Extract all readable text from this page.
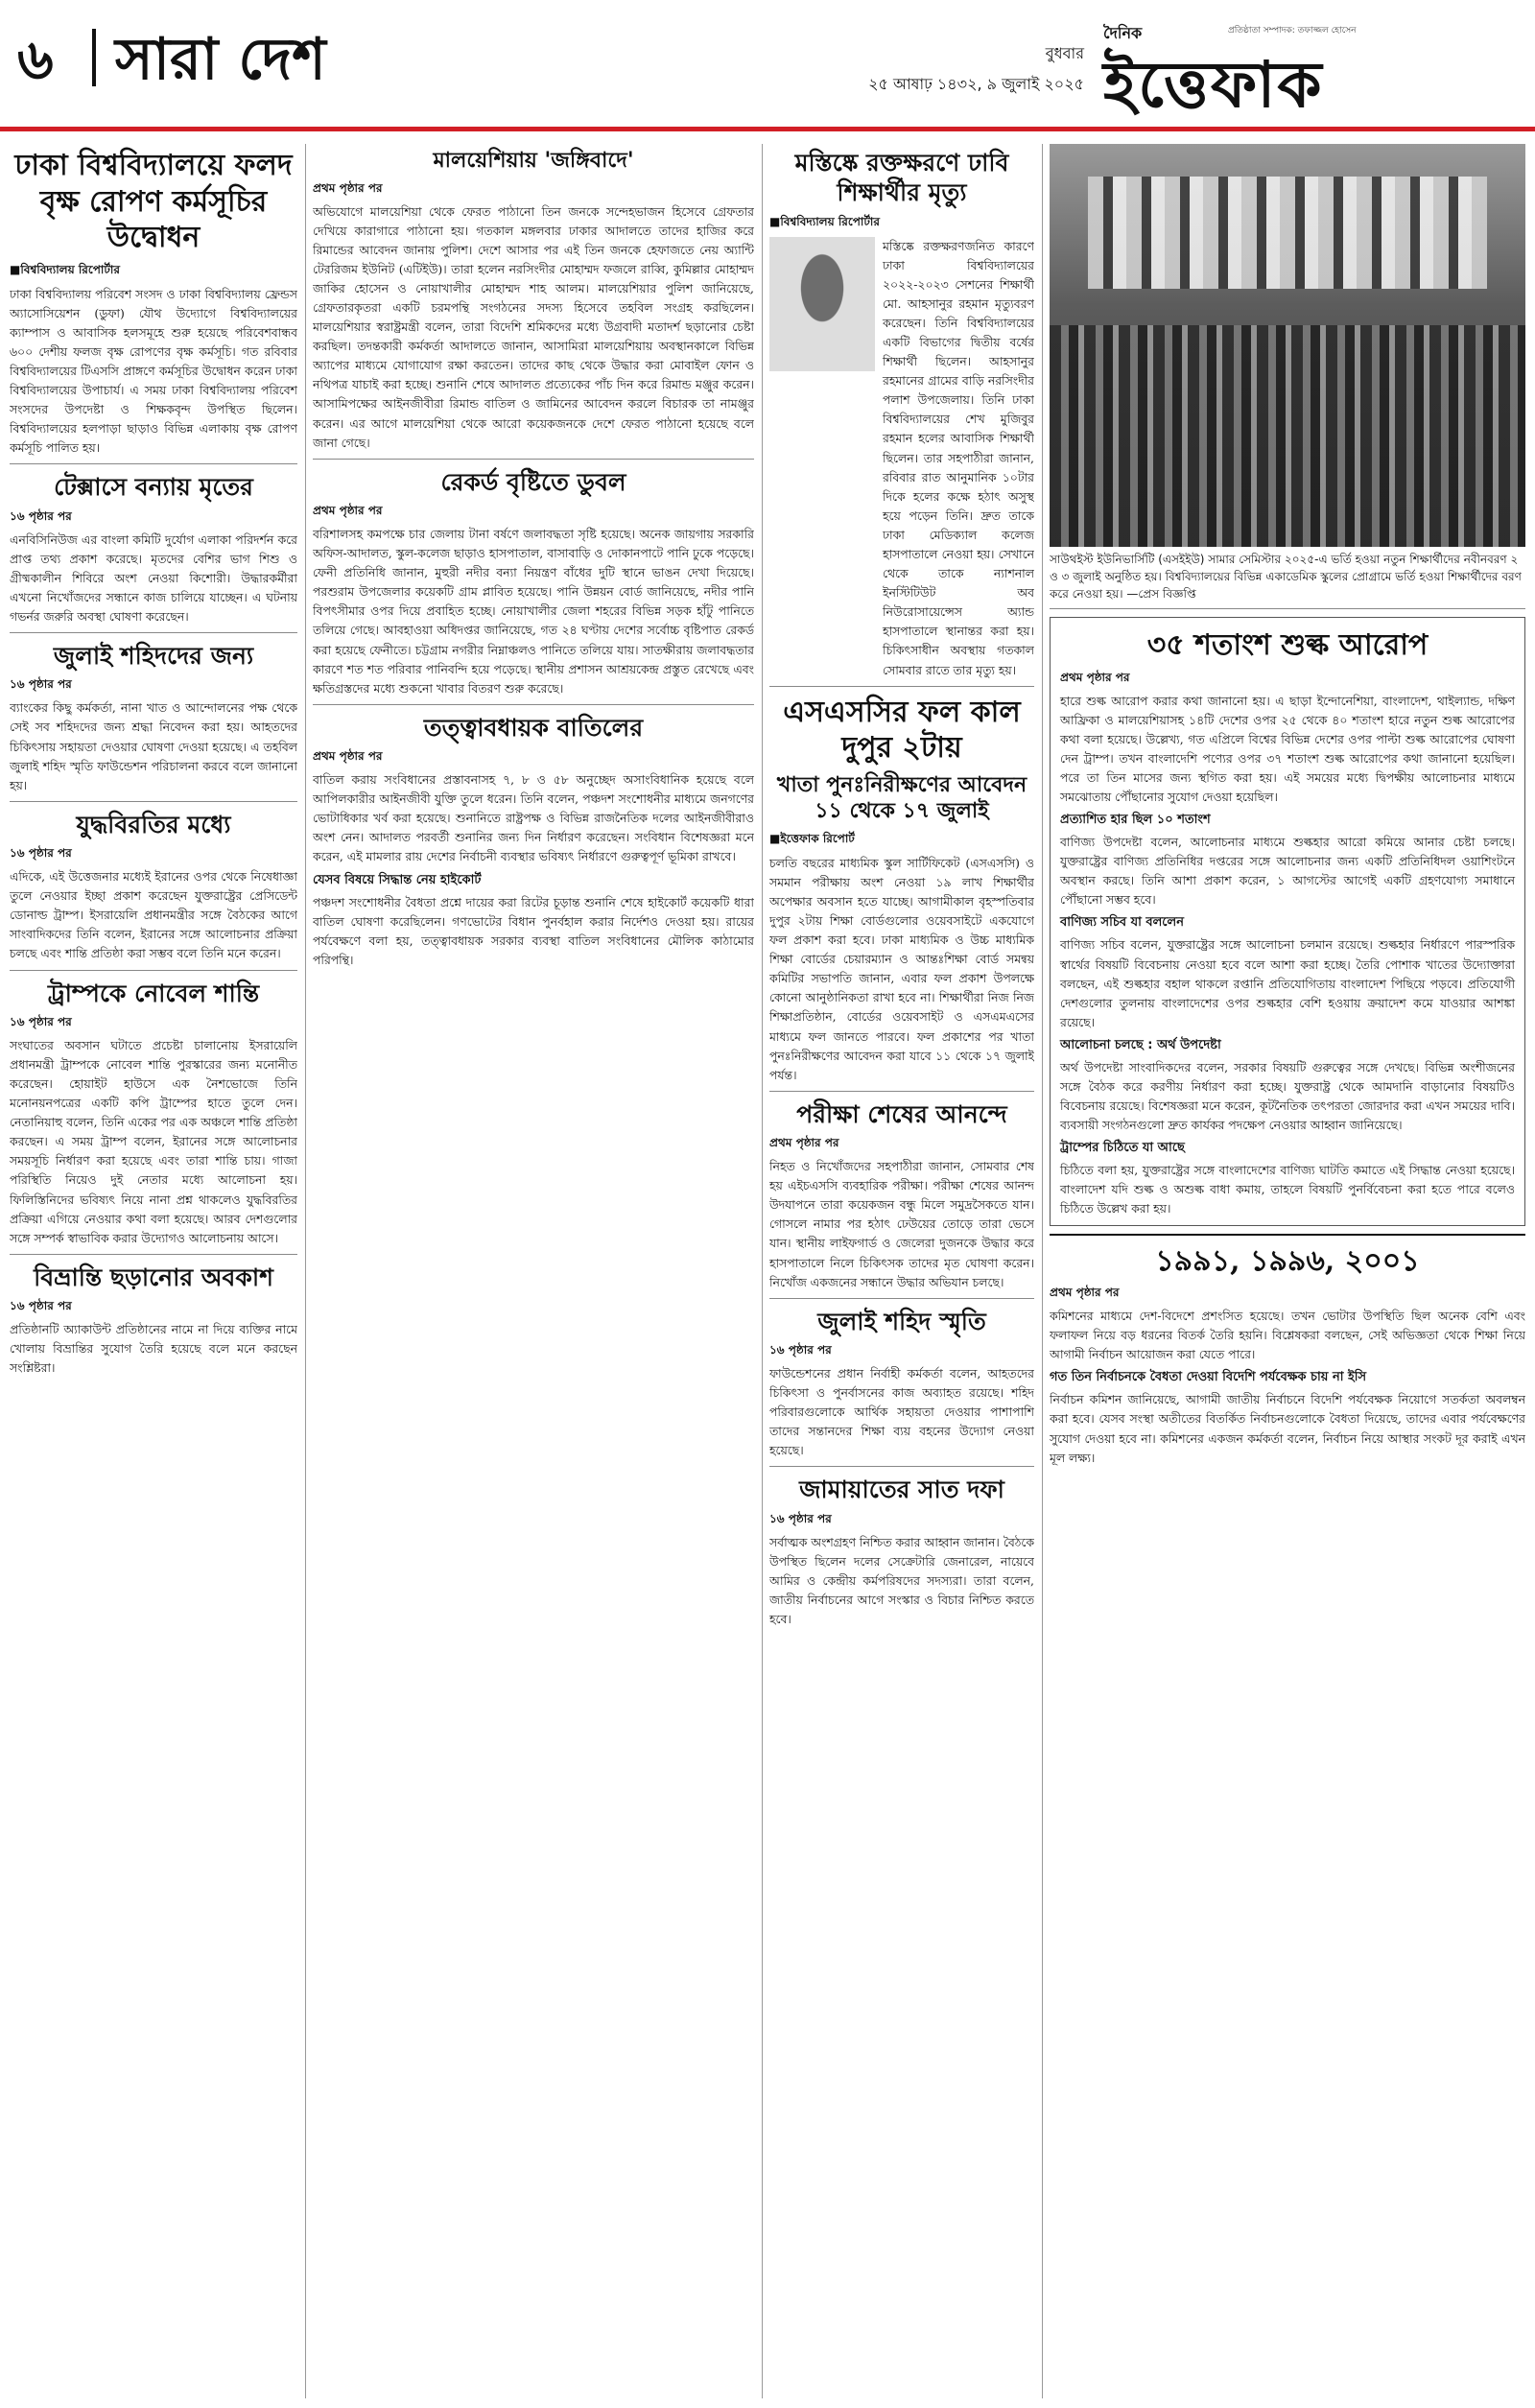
৬ সারা দেশ	বুধবার
২৫ আষাঢ় ১৪৩২, ৯ জুলাই ২০২৫
দৈনিক	প্রতিষ্ঠাতা সম্পাদক: তফাজ্জল হোসেন
ইত্তেফাক
ঢাকা বিশ্ববিদ্যালয়ে ফলদ বৃক্ষ রোপণ কর্মসূচির উদ্বোধন
■ বিশ্ববিদ্যালয় রিপোর্টার
ঢাকা বিশ্ববিদ্যালয় পরিবেশ সংসদ ও ঢাকা বিশ্ববিদ্যালয় ফ্রেন্ডস অ্যাসোসিয়েশন (ডুফা) যৌথ উদ্যোগে বিশ্ববিদ্যালয়ের ক্যাম্পাস ও আবাসিক হলসমূহে শুরু হয়েছে পরিবেশবান্ধব ৬০০ দেশীয় ফলজ বৃক্ষ রোপণের বৃক্ষ কর্মসূচি। গত রবিবার বিশ্ববিদ্যালয়ের টিএসসি প্রাঙ্গণে কর্মসূচির উদ্বোধন করেন ঢাকা বিশ্ববিদ্যালয়ের উপাচার্য। এ সময় ঢাকা বিশ্ববিদ্যালয় পরিবেশ সংসদের উপদেষ্টা ও শিক্ষকবৃন্দ উপস্থিত ছিলেন। বিশ্ববিদ্যালয়ের হলপাড়া ছাড়াও বিভিন্ন এলাকায় বৃক্ষ রোপণ কর্মসূচি পালিত হয়।
টেক্সাসে বন্যায় মৃতের
১৬ পৃষ্ঠার পর
এনবিসিনিউজ এর বাংলা কমিটি দুর্যোগ এলাকা পরিদর্শন করে প্রাপ্ত তথ্য প্রকাশ করেছে। মৃতদের বেশির ভাগ শিশু ও গ্রীষ্মকালীন শিবিরে অংশ নেওয়া কিশোরী। উদ্ধারকর্মীরা এখনো নিখোঁজদের সন্ধানে কাজ চালিয়ে যাচ্ছেন। এ ঘটনায় গভর্নর জরুরি অবস্থা ঘোষণা করেছেন।
জুলাই শহিদদের জন্য
১৬ পৃষ্ঠার পর
ব্যাংকের কিছু কর্মকর্তা, নানা খাত ও আন্দোলনের পক্ষ থেকে সেই সব শহিদদের জন্য শ্রদ্ধা নিবেদন করা হয়। আহতদের চিকিৎসায় সহায়তা দেওয়ার ঘোষণা দেওয়া হয়েছে। এ তহবিল জুলাই শহিদ স্মৃতি ফাউন্ডেশন পরিচালনা করবে বলে জানানো হয়।
যুদ্ধবিরতির মধ্যে
১৬ পৃষ্ঠার পর
এদিকে, এই উত্তেজনার মধ্যেই ইরানের ওপর থেকে নিষেধাজ্ঞা তুলে নেওয়ার ইচ্ছা প্রকাশ করেছেন যুক্তরাষ্ট্রের প্রেসিডেন্ট ডোনাল্ড ট্রাম্প। ইসরায়েলি প্রধানমন্ত্রীর সঙ্গে বৈঠকের আগে সাংবাদিকদের তিনি বলেন, ইরানের সঙ্গে আলোচনার প্রক্রিয়া চলছে এবং শান্তি প্রতিষ্ঠা করা সম্ভব বলে তিনি মনে করেন।
ট্রাম্পকে নোবেল শান্তি
১৬ পৃষ্ঠার পর
সংঘাতের অবসান ঘটাতে প্রচেষ্টা চালানোয় ইসরায়েলি প্রধানমন্ত্রী ট্রাম্পকে নোবেল শান্তি পুরস্কারের জন্য মনোনীত করেছেন। হোয়াইট হাউসে এক নৈশভোজে তিনি মনোনয়নপত্রের একটি কপি ট্রাম্পের হাতে তুলে দেন। নেতানিয়াহু বলেন, তিনি একের পর এক অঞ্চলে শান্তি প্রতিষ্ঠা করছেন। এ সময় ট্রাম্প বলেন, ইরানের সঙ্গে আলোচনার সময়সূচি নির্ধারণ করা হয়েছে এবং তারা শান্তি চায়। গাজা পরিস্থিতি নিয়েও দুই নেতার মধ্যে আলোচনা হয়। ফিলিস্তিনিদের ভবিষ্যৎ নিয়ে নানা প্রশ্ন থাকলেও যুদ্ধবিরতির প্রক্রিয়া এগিয়ে নেওয়ার কথা বলা হয়েছে। আরব দেশগুলোর সঙ্গে সম্পর্ক স্বাভাবিক করার উদ্যোগও আলোচনায় আসে।
বিভ্রান্তি ছড়ানোর অবকাশ
১৬ পৃষ্ঠার পর
প্রতিষ্ঠানটি অ্যাকাউন্ট প্রতিষ্ঠানের নামে না দিয়ে ব্যক্তির নামে খোলায় বিভ্রান্তির সুযোগ তৈরি হয়েছে বলে মনে করছেন সংশ্লিষ্টরা।
মালয়েশিয়ায় 'জঙ্গিবাদে'
প্রথম পৃষ্ঠার পর
অভিযোগে মালয়েশিয়া থেকে ফেরত পাঠানো তিন জনকে সন্দেহভাজন হিসেবে গ্রেফতার দেখিয়ে কারাগারে পাঠানো হয়। গতকাল মঙ্গলবার ঢাকার আদালতে তাদের হাজির করে রিমান্ডের আবেদন জানায় পুলিশ। দেশে আসার পর এই তিন জনকে হেফাজতে নেয় অ্যান্টি টেররিজম ইউনিট (এটিইউ)। তারা হলেন নরসিংদীর মোহাম্মদ ফজলে রাব্বি, কুমিল্লার মোহাম্মদ জাকির হোসেন ও নোয়াখালীর মোহাম্মদ শাহ আলম। মালয়েশিয়ার পুলিশ জানিয়েছে, গ্রেফতারকৃতরা একটি চরমপন্থি সংগঠনের সদস্য হিসেবে তহবিল সংগ্রহ করছিলেন। মালয়েশিয়ার স্বরাষ্ট্রমন্ত্রী বলেন, তারা বিদেশি শ্রমিকদের মধ্যে উগ্রবাদী মতাদর্শ ছড়ানোর চেষ্টা করছিল। তদন্তকারী কর্মকর্তা আদালতে জানান, আসামিরা মালয়েশিয়ায় অবস্থানকালে বিভিন্ন অ্যাপের মাধ্যমে যোগাযোগ রক্ষা করতেন। তাদের কাছ থেকে উদ্ধার করা মোবাইল ফোন ও নথিপত্র যাচাই করা হচ্ছে। শুনানি শেষে আদালত প্রত্যেকের পাঁচ দিন করে রিমান্ড মঞ্জুর করেন। আসামিপক্ষের আইনজীবীরা রিমান্ড বাতিল ও জামিনের আবেদন করলে বিচারক তা নামঞ্জুর করেন। এর আগে মালয়েশিয়া থেকে আরো কয়েকজনকে দেশে ফেরত পাঠানো হয়েছে বলে জানা গেছে।
রেকর্ড বৃষ্টিতে ডুবল
প্রথম পৃষ্ঠার পর
বরিশালসহ কমপক্ষে চার জেলায় টানা বর্ষণে জলাবদ্ধতা সৃষ্টি হয়েছে। অনেক জায়গায় সরকারি অফিস-আদালত, স্কুল-কলেজ ছাড়াও হাসপাতাল, বাসাবাড়ি ও দোকানপাটে পানি ঢুকে পড়েছে। ফেনী প্রতিনিধি জানান, মুহুরী নদীর বন্যা নিয়ন্ত্রণ বাঁধের দুটি স্থানে ভাঙন দেখা দিয়েছে। পরশুরাম উপজেলার কয়েকটি গ্রাম প্লাবিত হয়েছে। পানি উন্নয়ন বোর্ড জানিয়েছে, নদীর পানি বিপৎসীমার ওপর দিয়ে প্রবাহিত হচ্ছে। নোয়াখালীর জেলা শহরের বিভিন্ন সড়ক হাঁটু পানিতে তলিয়ে গেছে। আবহাওয়া অধিদপ্তর জানিয়েছে, গত ২৪ ঘণ্টায় দেশের সর্বোচ্চ বৃষ্টিপাত রেকর্ড করা হয়েছে ফেনীতে। চট্টগ্রাম নগরীর নিম্নাঞ্চলও পানিতে তলিয়ে যায়। সাতক্ষীরায় জলাবদ্ধতার কারণে শত শত পরিবার পানিবন্দি হয়ে পড়েছে। স্থানীয় প্রশাসন আশ্রয়কেন্দ্র প্রস্তুত রেখেছে এবং ক্ষতিগ্রস্তদের মধ্যে শুকনো খাবার বিতরণ শুরু করেছে।
তত্ত্বাবধায়ক বাতিলের
প্রথম পৃষ্ঠার পর
বাতিল করায় সংবিধানের প্রস্তাবনাসহ ৭, ৮ ও ৫৮ অনুচ্ছেদ অসাংবিধানিক হয়েছে বলে আপিলকারীর আইনজীবী যুক্তি তুলে ধরেন। তিনি বলেন, পঞ্চদশ সংশোধনীর মাধ্যমে জনগণের ভোটাধিকার খর্ব করা হয়েছে। শুনানিতে রাষ্ট্রপক্ষ ও বিভিন্ন রাজনৈতিক দলের আইনজীবীরাও অংশ নেন। আদালত পরবর্তী শুনানির জন্য দিন নির্ধারণ করেছেন। সংবিধান বিশেষজ্ঞরা মনে করেন, এই মামলার রায় দেশের নির্বাচনী ব্যবস্থার ভবিষ্যৎ নির্ধারণে গুরুত্বপূর্ণ ভূমিকা রাখবে।
যেসব বিষয়ে সিদ্ধান্ত নেয় হাইকোর্ট
পঞ্চদশ সংশোধনীর বৈধতা প্রশ্নে দায়ের করা রিটের চূড়ান্ত শুনানি শেষে হাইকোর্ট কয়েকটি ধারা বাতিল ঘোষণা করেছিলেন। গণভোটের বিধান পুনর্বহাল করার নির্দেশও দেওয়া হয়। রায়ের পর্যবেক্ষণে বলা হয়, তত্ত্বাবধায়ক সরকার ব্যবস্থা বাতিল সংবিধানের মৌলিক কাঠামোর পরিপন্থি।
মস্তিষ্কে রক্তক্ষরণে ঢাবি শিক্ষার্থীর মৃত্যু
■ বিশ্ববিদ্যালয় রিপোর্টার
মস্তিষ্কে রক্তক্ষরণজনিত কারণে ঢাকা বিশ্ববিদ্যালয়ের ২০২২-২০২৩ সেশনের শিক্ষার্থী মো. আহসানুর রহমান মৃত্যুবরণ করেছেন। তিনি বিশ্ববিদ্যালয়ের একটি বিভাগের দ্বিতীয় বর্ষের শিক্ষার্থী ছিলেন। আহসানুর রহমানের গ্রামের বাড়ি নরসিংদীর পলাশ উপজেলায়। তিনি ঢাকা বিশ্ববিদ্যালয়ের শেখ মুজিবুর রহমান হলের আবাসিক শিক্ষার্থী ছিলেন। তার সহপাঠীরা জানান, রবিবার রাত আনুমানিক ১০টার দিকে হলের কক্ষে হঠাৎ অসুস্থ হয়ে পড়েন তিনি। দ্রুত তাকে ঢাকা মেডিক্যাল কলেজ হাসপাতালে নেওয়া হয়। সেখানে থেকে তাকে ন্যাশনাল ইনস্টিটিউট অব নিউরোসায়েন্সেস অ্যান্ড হাসপাতালে স্থানান্তর করা হয়। চিকিৎসাধীন অবস্থায় গতকাল সোমবার রাতে তার মৃত্যু হয়।
এসএসসির ফল কাল দুপুর ২টায়
খাতা পুনঃনিরীক্ষণের আবেদন ১১ থেকে ১৭ জুলাই
■ ইত্তেফাক রিপোর্ট
চলতি বছরের মাধ্যমিক স্কুল সার্টিফিকেট (এসএসসি) ও সমমান পরীক্ষায় অংশ নেওয়া ১৯ লাখ শিক্ষার্থীর অপেক্ষার অবসান হতে যাচ্ছে। আগামীকাল বৃহস্পতিবার দুপুর ২টায় শিক্ষা বোর্ডগুলোর ওয়েবসাইটে একযোগে ফল প্রকাশ করা হবে। ঢাকা মাধ্যমিক ও উচ্চ মাধ্যমিক শিক্ষা বোর্ডের চেয়ারম্যান ও আন্তঃশিক্ষা বোর্ড সমন্বয় কমিটির সভাপতি জানান, এবার ফল প্রকাশ উপলক্ষে কোনো আনুষ্ঠানিকতা রাখা হবে না। শিক্ষার্থীরা নিজ নিজ শিক্ষাপ্রতিষ্ঠান, বোর্ডের ওয়েবসাইট ও এসএমএসের মাধ্যমে ফল জানতে পারবে। ফল প্রকাশের পর খাতা পুনঃনিরীক্ষণের আবেদন করা যাবে ১১ থেকে ১৭ জুলাই পর্যন্ত।
পরীক্ষা শেষের আনন্দে
প্রথম পৃষ্ঠার পর
নিহত ও নিখোঁজদের সহপাঠীরা জানান, সোমবার শেষ হয় এইচএসসি ব্যবহারিক পরীক্ষা। পরীক্ষা শেষের আনন্দ উদযাপনে তারা কয়েকজন বন্ধু মিলে সমুদ্রসৈকতে যান। গোসলে নামার পর হঠাৎ ঢেউয়ের তোড়ে তারা ভেসে যান। স্থানীয় লাইফগার্ড ও জেলেরা দুজনকে উদ্ধার করে হাসপাতালে নিলে চিকিৎসক তাদের মৃত ঘোষণা করেন। নিখোঁজ একজনের সন্ধানে উদ্ধার অভিযান চলছে।
জুলাই শহিদ স্মৃতি
১৬ পৃষ্ঠার পর
ফাউন্ডেশনের প্রধান নির্বাহী কর্মকর্তা বলেন, আহতদের চিকিৎসা ও পুনর্বাসনের কাজ অব্যাহত রয়েছে। শহিদ পরিবারগুলোকে আর্থিক সহায়তা দেওয়ার পাশাপাশি তাদের সন্তানদের শিক্ষা ব্যয় বহনের উদ্যোগ নেওয়া হয়েছে।
জামায়াতের সাত দফা
১৬ পৃষ্ঠার পর
সর্বাত্মক অংশগ্রহণ নিশ্চিত করার আহ্বান জানান। বৈঠকে উপস্থিত ছিলেন দলের সেক্রেটারি জেনারেল, নায়েবে আমির ও কেন্দ্রীয় কর্মপরিষদের সদস্যরা। তারা বলেন, জাতীয় নির্বাচনের আগে সংস্কার ও বিচার নিশ্চিত করতে হবে।
সাউথইস্ট ইউনিভার্সিটি (এসইইউ) সামার সেমিস্টার ২০২৫-এ ভর্তি হওয়া নতুন শিক্ষার্থীদের নবীনবরণ ২ ও ৩ জুলাই অনুষ্ঠিত হয়। বিশ্ববিদ্যালয়ের বিভিন্ন একাডেমিক স্কুলের প্রোগ্রামে ভর্তি হওয়া শিক্ষার্থীদের বরণ করে নেওয়া হয়। —প্রেস বিজ্ঞপ্তি
৩৫ শতাংশ শুল্ক আরোপ
প্রথম পৃষ্ঠার পর
হারে শুল্ক আরোপ করার কথা জানানো হয়। এ ছাড়া ইন্দোনেশিয়া, বাংলাদেশ, থাইল্যান্ড, দক্ষিণ আফ্রিকা ও মালয়েশিয়াসহ ১৪টি দেশের ওপর ২৫ থেকে ৪০ শতাংশ হারে নতুন শুল্ক আরোপের কথা বলা হয়েছে। উল্লেখ্য, গত এপ্রিলে বিশ্বের বিভিন্ন দেশের ওপর পাল্টা শুল্ক আরোপের ঘোষণা দেন ট্রাম্প। তখন বাংলাদেশি পণ্যের ওপর ৩৭ শতাংশ শুল্ক আরোপের কথা জানানো হয়েছিল। পরে তা তিন মাসের জন্য স্থগিত করা হয়। এই সময়ের মধ্যে দ্বিপক্ষীয় আলোচনার মাধ্যমে সমঝোতায় পৌঁছানোর সুযোগ দেওয়া হয়েছিল।
প্রত্যাশিত হার ছিল ১০ শতাংশ
বাণিজ্য উপদেষ্টা বলেন, আলোচনার মাধ্যমে শুল্কহার আরো কমিয়ে আনার চেষ্টা চলছে। যুক্তরাষ্ট্রের বাণিজ্য প্রতিনিধির দপ্তরের সঙ্গে আলোচনার জন্য একটি প্রতিনিধিদল ওয়াশিংটনে অবস্থান করছে। তিনি আশা প্রকাশ করেন, ১ আগস্টের আগেই একটি গ্রহণযোগ্য সমাধানে পৌঁছানো সম্ভব হবে।
বাণিজ্য সচিব যা বললেন
বাণিজ্য সচিব বলেন, যুক্তরাষ্ট্রের সঙ্গে আলোচনা চলমান রয়েছে। শুল্কহার নির্ধারণে পারস্পরিক স্বার্থের বিষয়টি বিবেচনায় নেওয়া হবে বলে আশা করা হচ্ছে। তৈরি পোশাক খাতের উদ্যোক্তারা বলছেন, এই শুল্কহার বহাল থাকলে রপ্তানি প্রতিযোগিতায় বাংলাদেশ পিছিয়ে পড়বে। প্রতিযোগী দেশগুলোর তুলনায় বাংলাদেশের ওপর শুল্কহার বেশি হওয়ায় ক্রয়াদেশ কমে যাওয়ার আশঙ্কা রয়েছে।
আলোচনা চলছে : অর্থ উপদেষ্টা
অর্থ উপদেষ্টা সাংবাদিকদের বলেন, সরকার বিষয়টি গুরুত্বের সঙ্গে দেখছে। বিভিন্ন অংশীজনের সঙ্গে বৈঠক করে করণীয় নির্ধারণ করা হচ্ছে। যুক্তরাষ্ট্র থেকে আমদানি বাড়ানোর বিষয়টিও বিবেচনায় রয়েছে। বিশেষজ্ঞরা মনে করেন, কূটনৈতিক তৎপরতা জোরদার করা এখন সময়ের দাবি। ব্যবসায়ী সংগঠনগুলো দ্রুত কার্যকর পদক্ষেপ নেওয়ার আহ্বান জানিয়েছে।
ট্রাম্পের চিঠিতে যা আছে
চিঠিতে বলা হয়, যুক্তরাষ্ট্রের সঙ্গে বাংলাদেশের বাণিজ্য ঘাটতি কমাতে এই সিদ্ধান্ত নেওয়া হয়েছে। বাংলাদেশ যদি শুল্ক ও অশুল্ক বাধা কমায়, তাহলে বিষয়টি পুনর্বিবেচনা করা হতে পারে বলেও চিঠিতে উল্লেখ করা হয়।
১৯৯১, ১৯৯৬, ২০০১
প্রথম পৃষ্ঠার পর
কমিশনের মাধ্যমে দেশ-বিদেশে প্রশংসিত হয়েছে। তখন ভোটার উপস্থিতি ছিল অনেক বেশি এবং ফলাফল নিয়ে বড় ধরনের বিতর্ক তৈরি হয়নি। বিশ্লেষকরা বলছেন, সেই অভিজ্ঞতা থেকে শিক্ষা নিয়ে আগামী নির্বাচন আয়োজন করা যেতে পারে।
গত তিন নির্বাচনকে বৈধতা দেওয়া বিদেশি পর্যবেক্ষক চায় না ইসি
নির্বাচন কমিশন জানিয়েছে, আগামী জাতীয় নির্বাচনে বিদেশি পর্যবেক্ষক নিয়োগে সতর্কতা অবলম্বন করা হবে। যেসব সংস্থা অতীতের বিতর্কিত নির্বাচনগুলোকে বৈধতা দিয়েছে, তাদের এবার পর্যবেক্ষণের সুযোগ দেওয়া হবে না। কমিশনের একজন কর্মকর্তা বলেন, নির্বাচন নিয়ে আস্থার সংকট দূর করাই এখন মূল লক্ষ্য।
